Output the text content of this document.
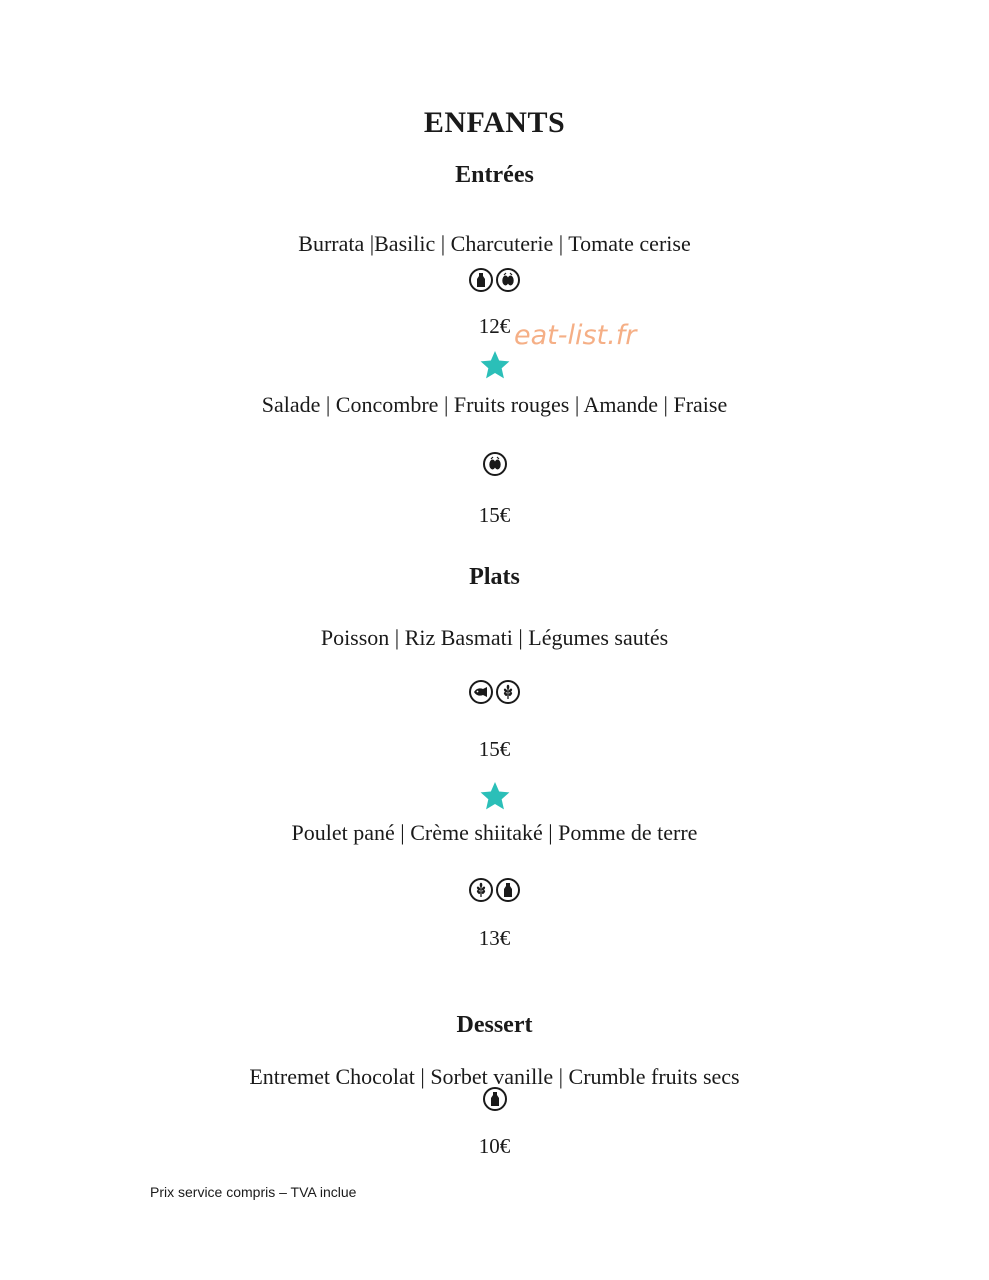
ENFANTS
Entrées
Burrata |Basilic | Charcuterie | Tomate cerise
12€ eat-list.fr
Salade | Concombre | Fruits rouges | Amande | Fraise
15€
Plats
Poisson | Riz Basmati | Légumes sautés
15€
Poulet pané | Crème shiitaké | Pomme de terre
13€
Dessert
Entremet Chocolat | Sorbet vanille | Crumble fruits secs
10€
Prix service compris – TVA inclue
